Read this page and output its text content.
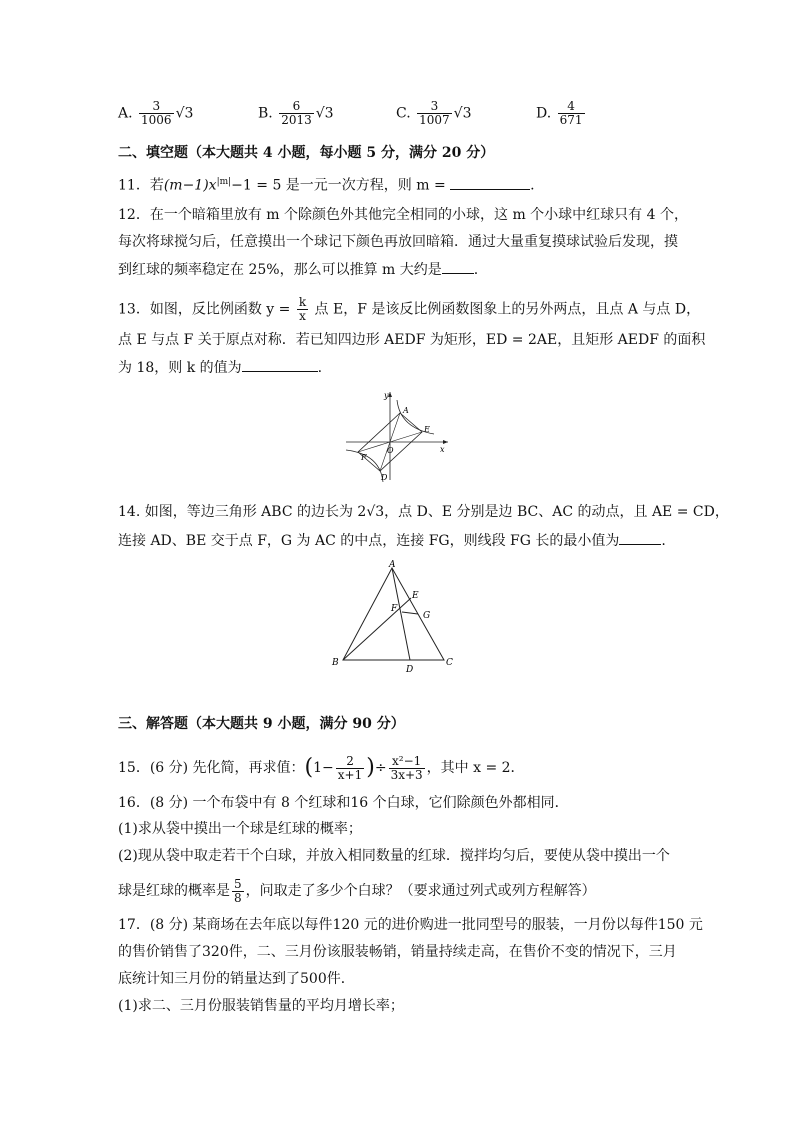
A. $\frac{3}{1006} √3$	B. $\frac{6}{2013} √3$	C. $\frac{3}{1007} √3$	D. $\frac{4}{671}$
二、填空题（本大题共 4 小题，每小题 5 分，满分 20 分）
11．若$(m-1)x^{|m|}-1 = 5$ 是一元一次方程，则 m =	.
12．在一个暗箱里放有 m 个除颜色外其他完全相同的小球，这 m 个小球中红球只有 4 个，
每次将球搅匀后，任意摸出一个球记下颜色再放回暗箱．通过大量重复摸球试验后发现，摸
到红球的频率稳定在 25%，那么可以推算 m 大约是 .
13．如图，反比例函数 $y = \frac{k}{x}$ 点 E，F 是该反比例函数图象上的另外两点，且点 A 与点 D，
点 E 与点 F 关于原点对称．若已知四边形 AEDF 为矩形，ED = 2AE，且矩形 AEDF 的面积
为 18，则 k 的值为	.
y
x
O
A
E
F
D
14. 如图，等边三角形 ABC 的边长为 2√3，点 D、E 分别是边 BC、AC 的动点，且 AE = CD，
连接 AD、BE 交于点 F，G 为 AC 的中点，连接 FG，则线段 FG 长的最小值为	.
A
B	C
D
E
F
G
三、解答题（本大题共 9 小题，满分 90 分）
15．(6 分) 先化简，再求值：($1- \frac{2}{x+1}$ )÷ $\frac{\text{x²−1}}{3x+3}$ ，其中 x = 2．
16．(8 分) 一个布袋中有 8 个红球和16 个白球，它们除颜色外都相同．
(1)求从袋中摸出一个球是红球的概率；
(2)现从袋中取走若干个白球，并放入相同数量的红球．搅拌均匀后，要使从袋中摸出一个
球是红球的概率是 $\frac{5}{8}$ ，问取走了多少个白球？（要求通过列式或列方程解答）
17．(8 分) 某商场在去年底以每件120 元的进价购进一批同型号的服装，一月份以每件150 元
的售价销售了320件，二、三月份该服装畅销，销量持续走高，在售价不变的情况下，三月
底统计知三月份的销量达到了500件．
(1)求二、三月份服装销售量的平均月增长率；
